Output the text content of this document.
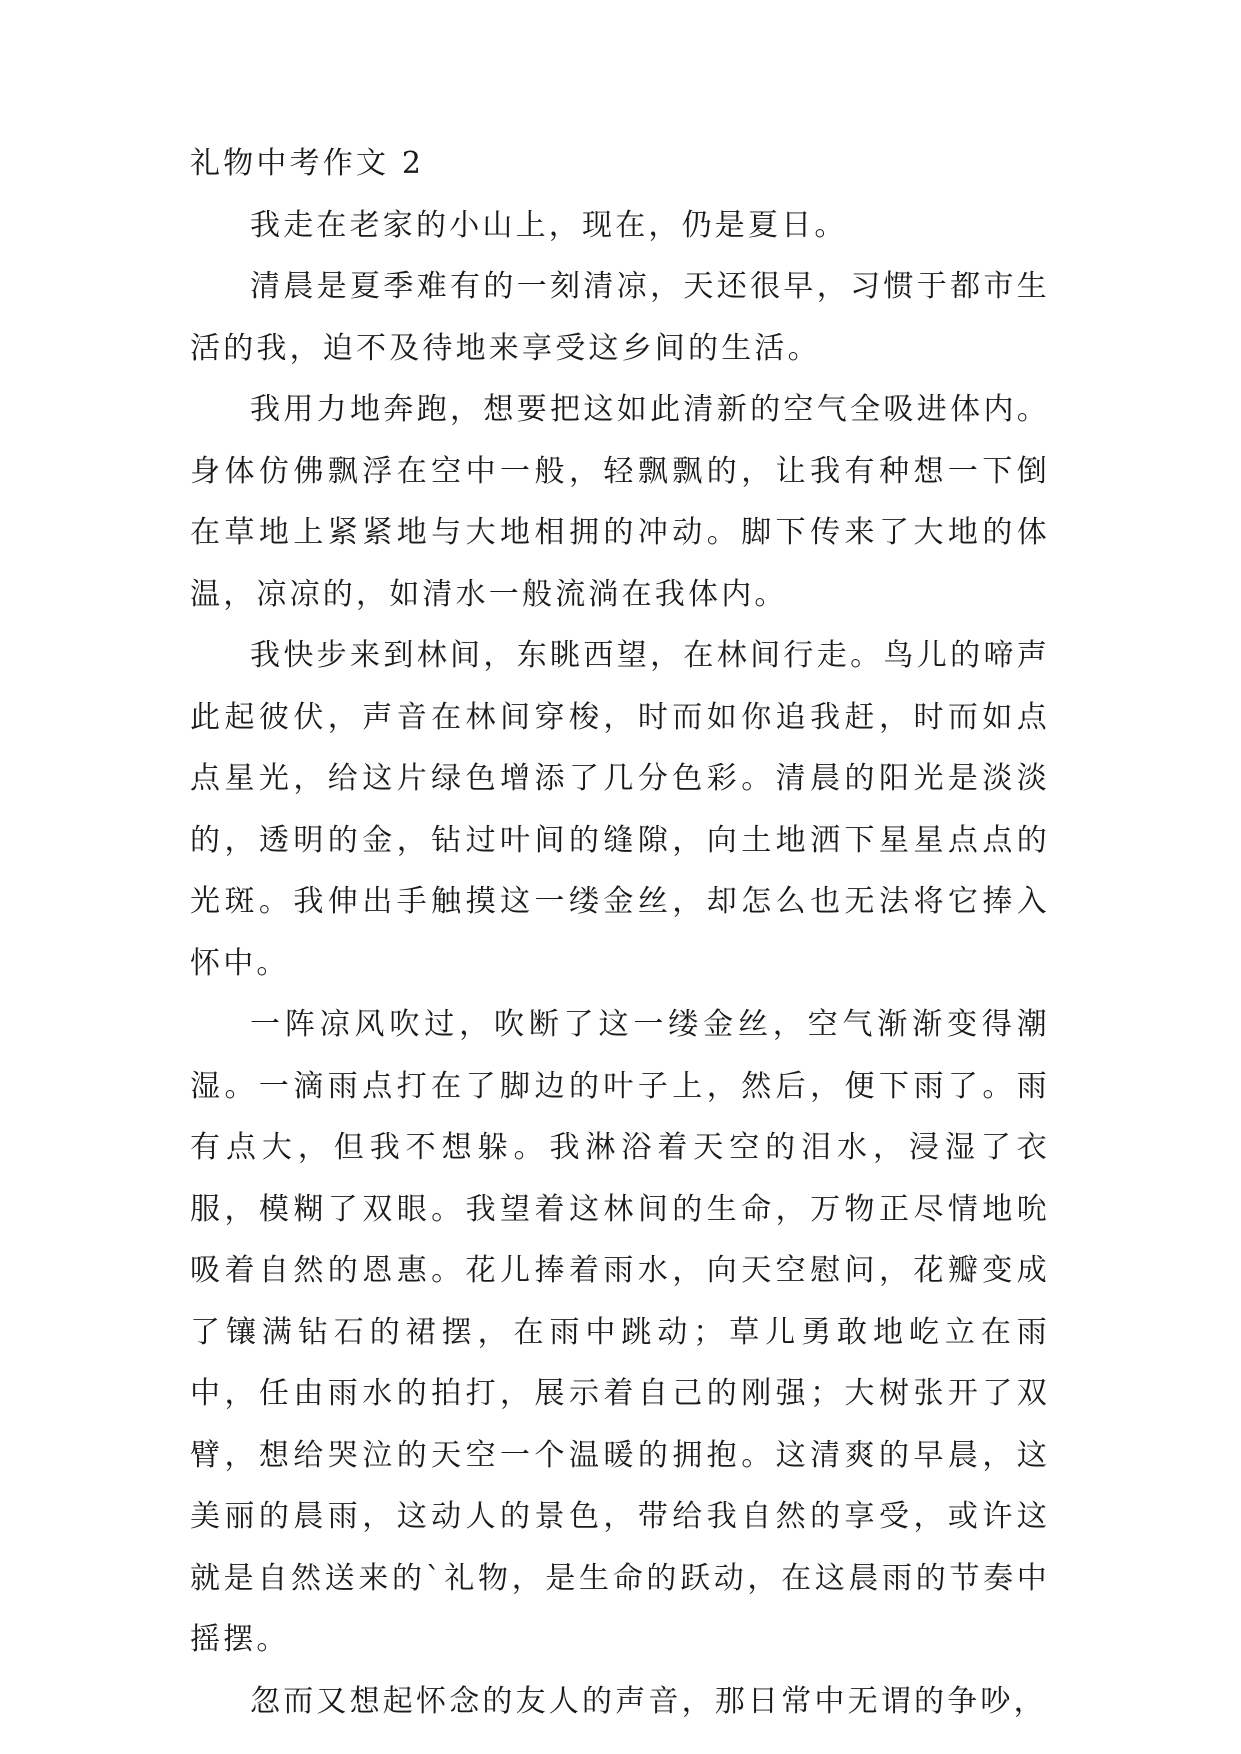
礼物中考作文 2

我走在老家的小山上，现在，仍是夏日。

清晨是夏季难有的一刻清凉，天还很早，习惯于都市生活的我，迫不及待地来享受这乡间的生活。

我用力地奔跑，想要把这如此清新的空气全吸进体内。身体仿佛飘浮在空中一般，轻飘飘的，让我有种想一下倒在草地上紧紧地与大地相拥的冲动。脚下传来了大地的体温，凉凉的，如清水一般流淌在我体内。

我快步来到林间，东眺西望，在林间行走。鸟儿的啼声此起彼伏，声音在林间穿梭，时而如你追我赶，时而如点点星光，给这片绿色增添了几分色彩。清晨的阳光是淡淡的，透明的金，钻过叶间的缝隙，向土地洒下星星点点的光斑。我伸出手触摸这一缕金丝，却怎么也无法将它捧入怀中。

一阵凉风吹过，吹断了这一缕金丝，空气渐渐变得潮湿。一滴雨点打在了脚边的叶子上，然后，便下雨了。雨有点大，但我不想躲。我淋浴着天空的泪水，浸湿了衣服，模糊了双眼。我望着这林间的生命，万物正尽情地吮吸着自然的恩惠。花儿捧着雨水，向天空慰问，花瓣变成了镶满钻石的裙摆，在雨中跳动；草儿勇敢地屹立在雨中，任由雨水的拍打，展示着自己的刚强；大树张开了双臂，想给哭泣的天空一个温暖的拥抱。这清爽的早晨，这美丽的晨雨，这动人的景色，带给我自然的享受，或许这就是自然送来的`礼物，是生命的跃动，在这晨雨的节奏中摇摆。

忽而又想起怀念的友人的声音，那日常中无谓的争吵，
